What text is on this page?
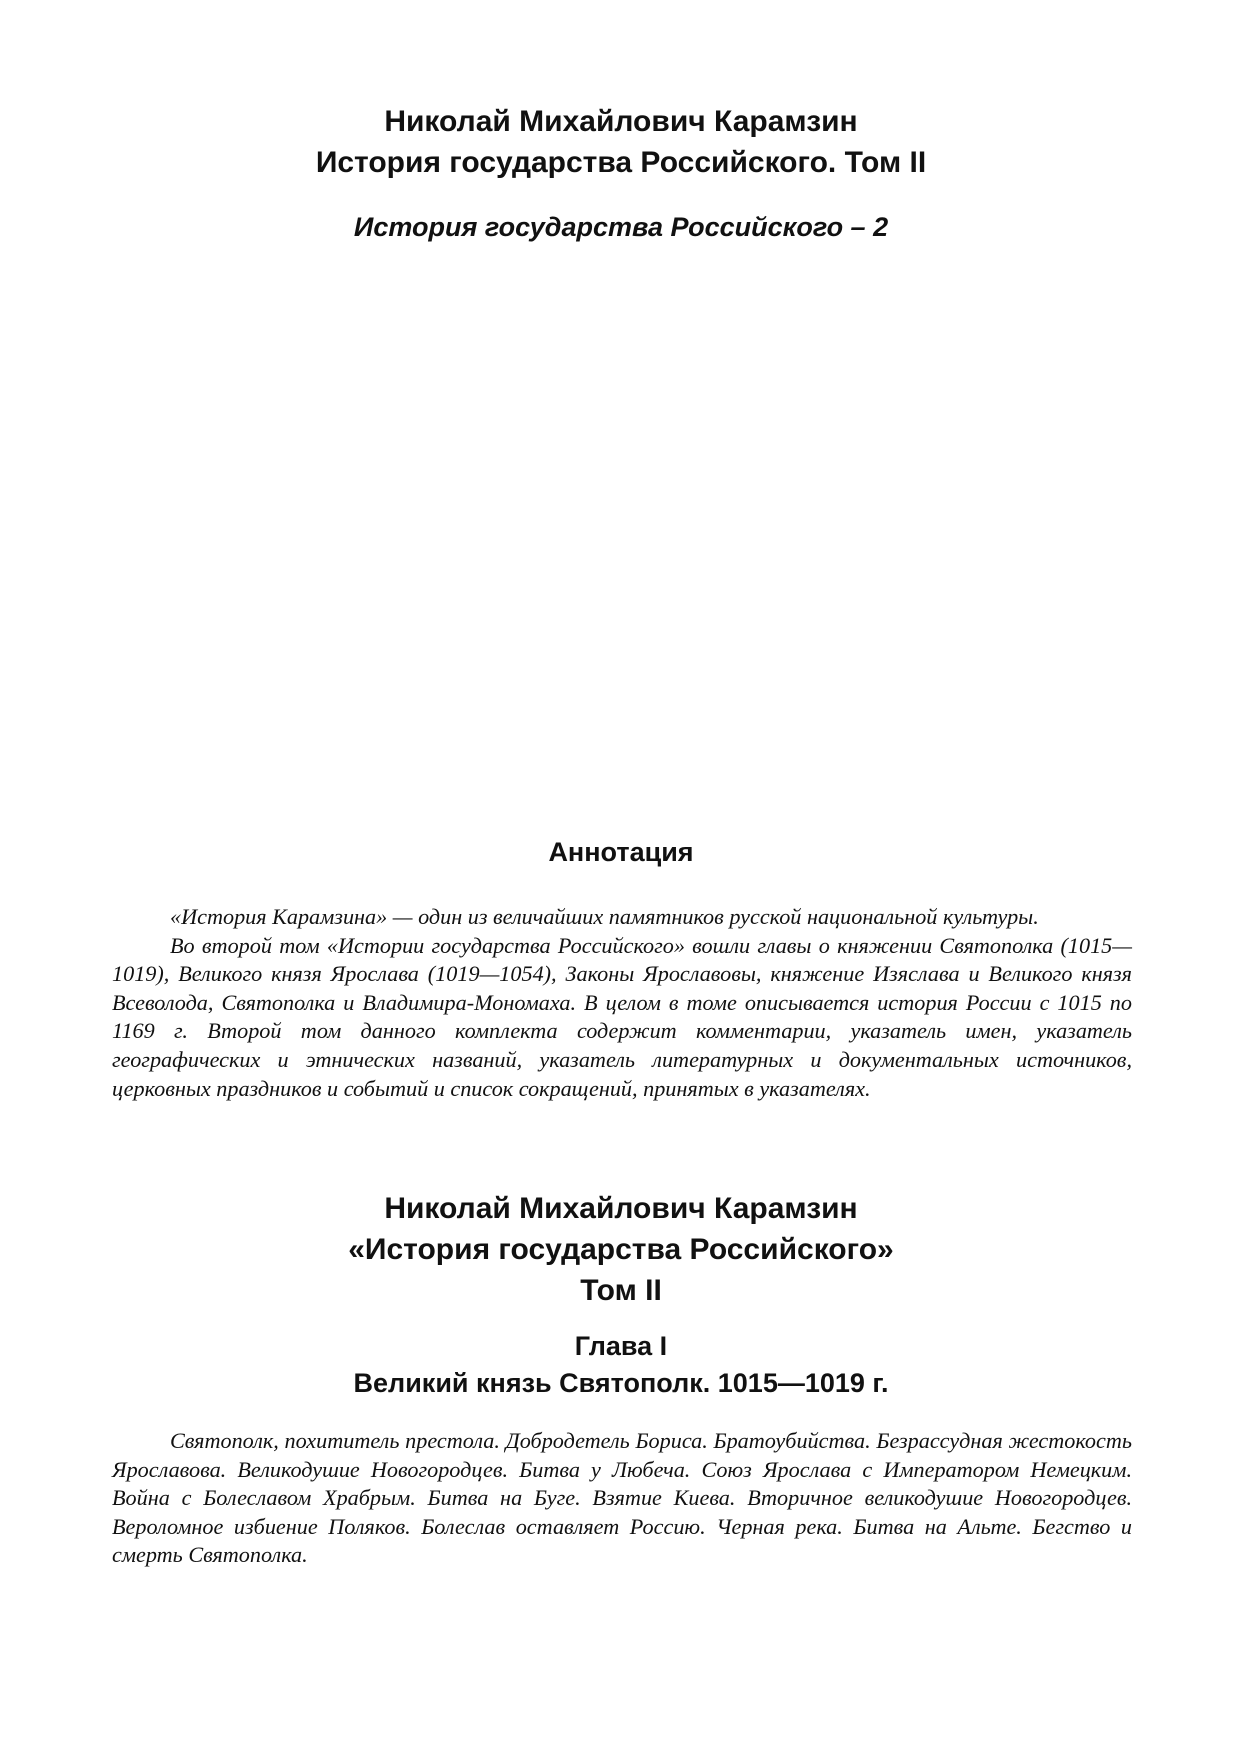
Николай Михайлович Карамзин
История государства Российского. Том II
История государства Российского – 2
Аннотация

«История Карамзина» — один из величайших памятников русской национальной культуры.

Во второй том «Истории государства Российского» вошли главы о княжении Святополка (1015—1019), Великого князя Ярослава (1019—1054), Законы Ярославовы, княжение Изяслава и Великого князя Всеволода, Святополка и Владимира-Мономаха. В целом в томе описывается история России с 1015 по 1169 г. Второй том данного комплекта содержит комментарии, указатель имен, указатель географических и этнических названий, указатель литературных и документальных источников, церковных праздников и событий и список сокращений, принятых в указателях.

Николай Михайлович Карамзин
«История государства Российского»
Том II
Глава I
Великий князь Святополк. 1015—1019 г.

Святополк, похититель престола. Добродетель Бориса. Братоубийства. Безрассудная жестокость Ярославова. Великодушие Новогородцев. Битва у Любеча. Союз Ярослава с Императором Немецким. Война с Болеславом Храбрым. Битва на Буге. Взятие Киева. Вторичное великодушие Новогородцев. Вероломное избиение Поляков. Болеслав оставляет Россию. Черная река. Битва на Альте. Бегство и смерть Святополка.
